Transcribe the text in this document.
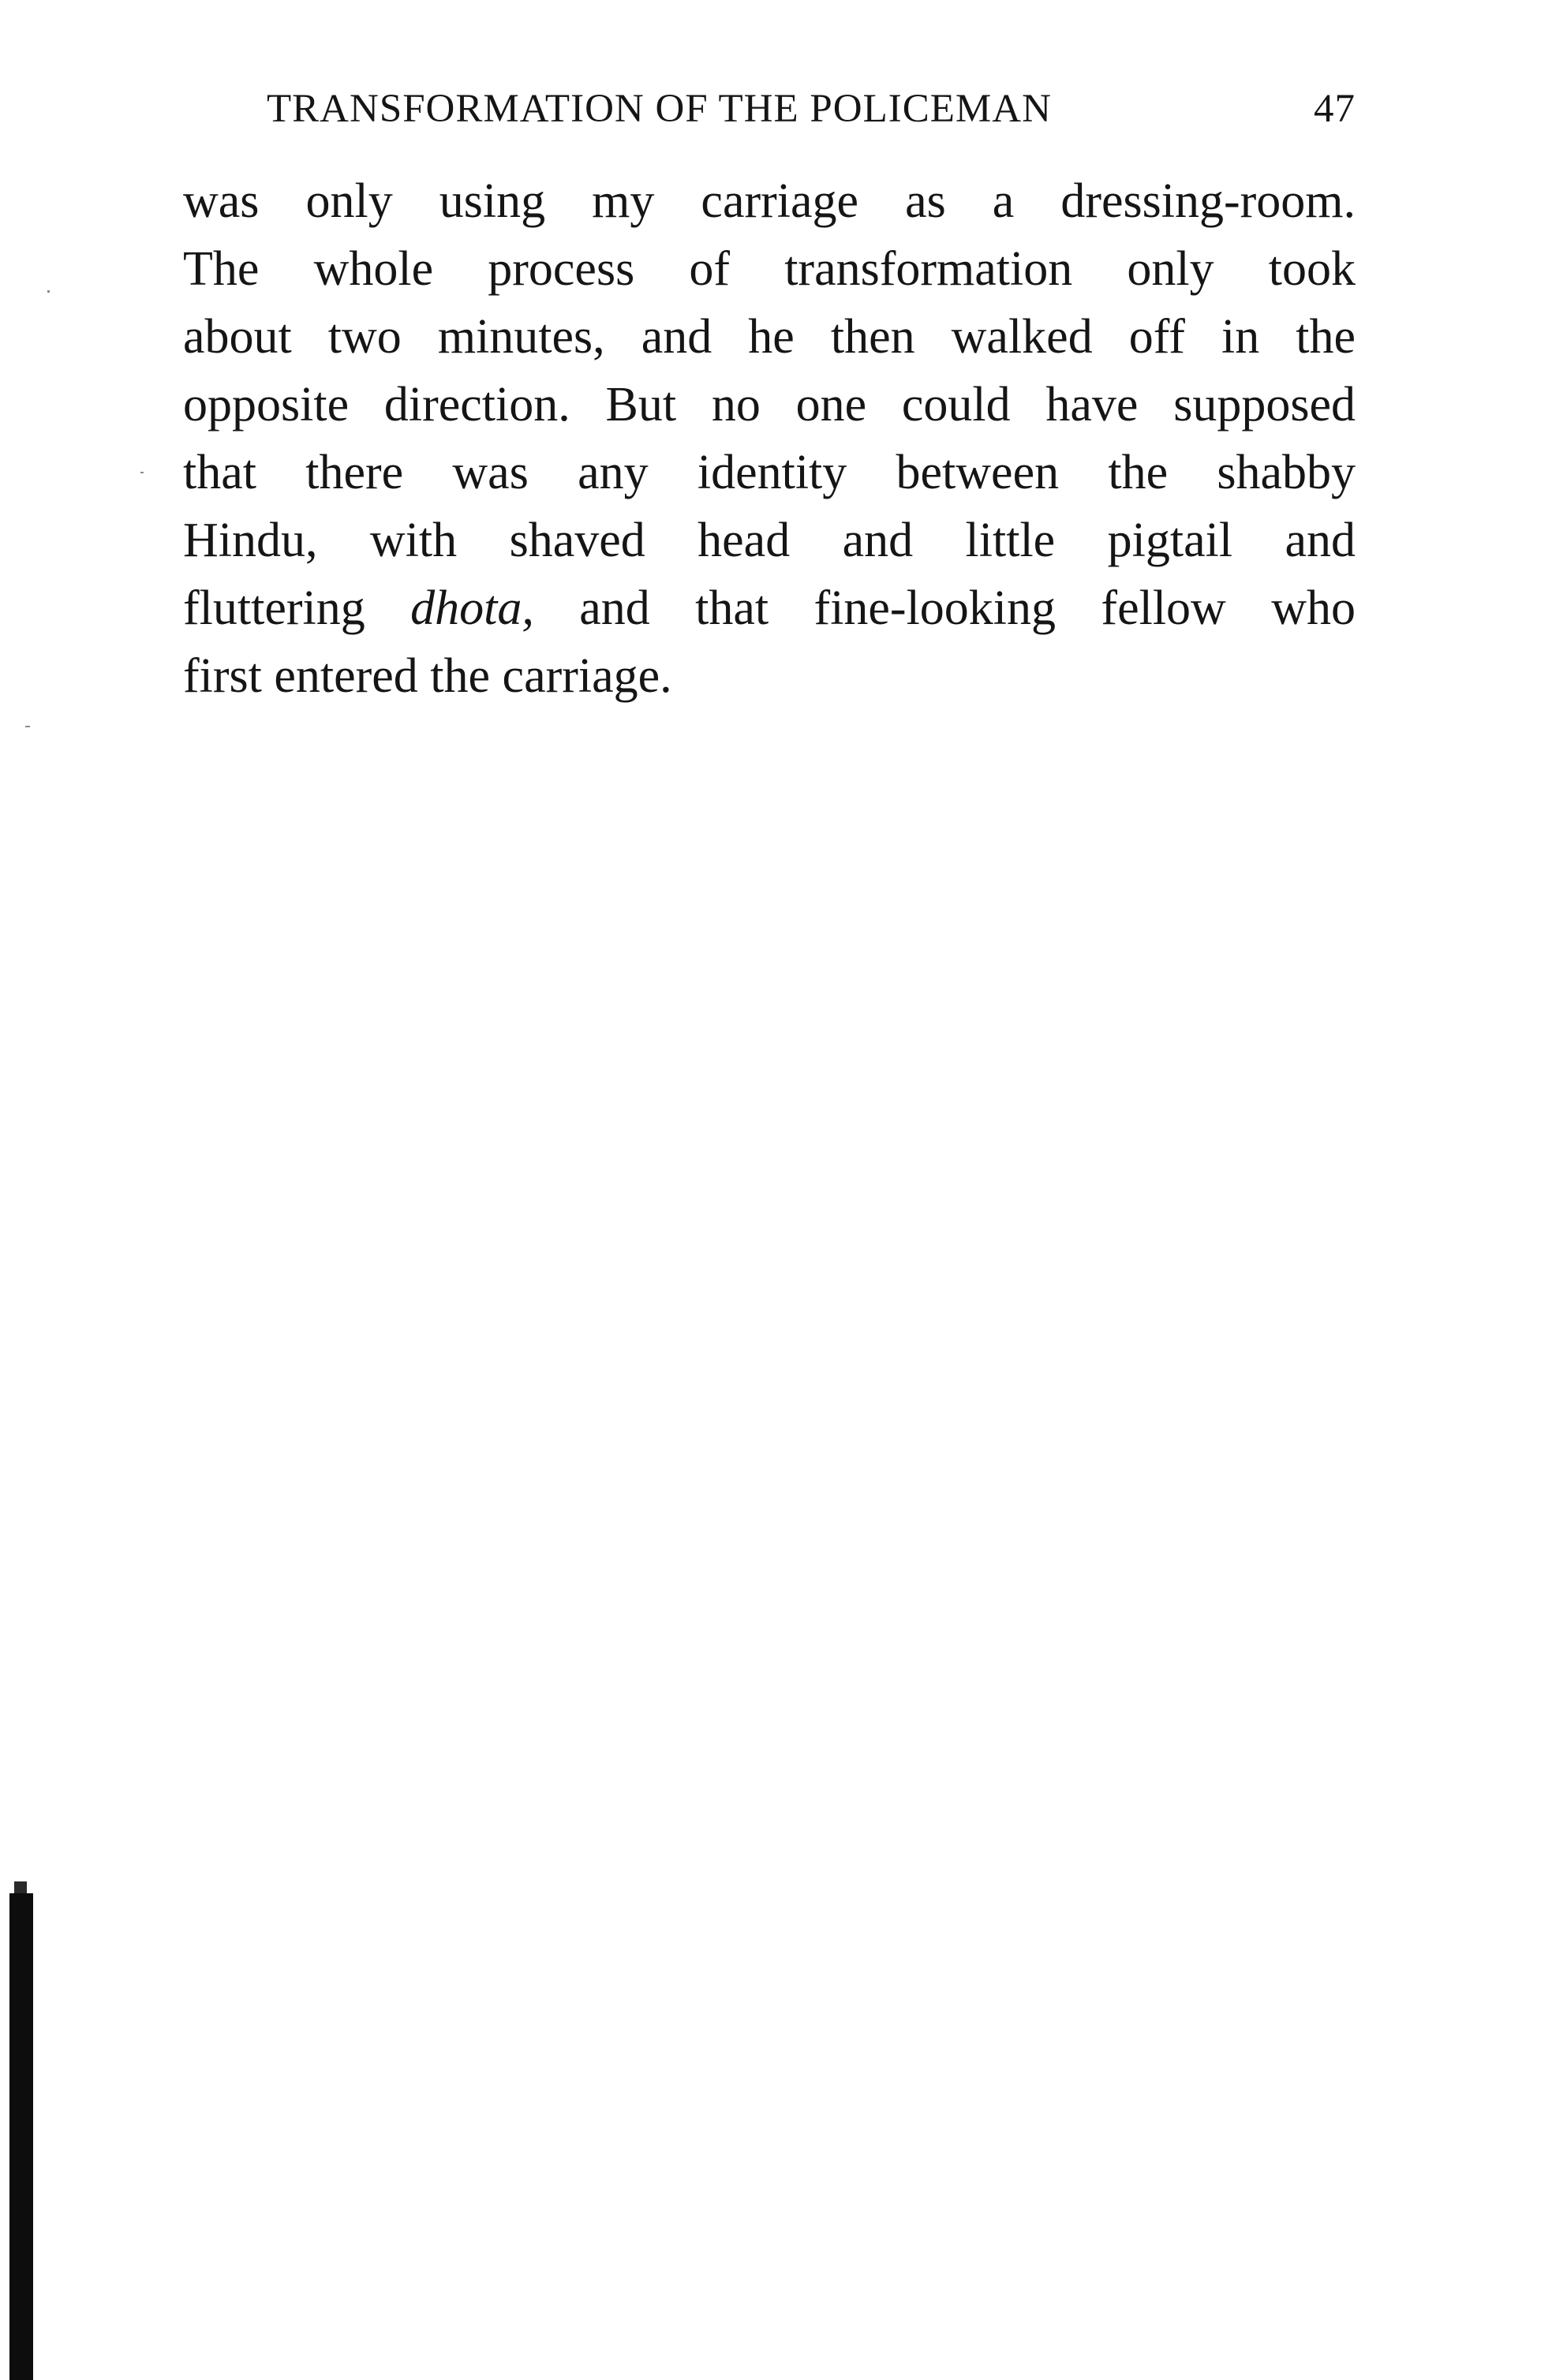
TRANSFORMATION OF THE POLICEMAN	47
was only using my carriage as a dressing-room.
The whole process of transformation only took
about two minutes, and he then walked off in the
opposite direction. But no one could have supposed
that there was any identity between the shabby
Hindu, with shaved head and little pigtail and
fluttering dhota, and that fine-looking fellow who
first entered the carriage.
